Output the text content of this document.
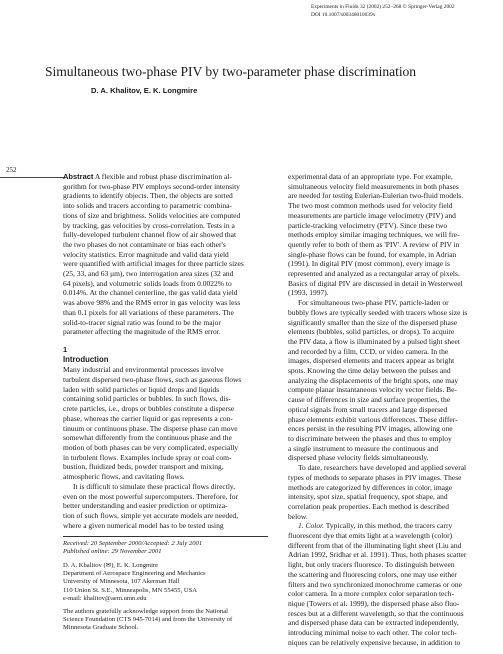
Experiments in Fluids 32 (2002) 252–268 © Springer-Verlag 2002
DOI 10.1007/s00348010039x
Simultaneous two-phase PIV by two-parameter phase discrimination
D. A. Khalitov, E. K. Longmire
252
Abstract A flexible and robust phase discrimination al-
gorithm for two-phase PIV employs second-order intensity
gradients to identify objects. Then, the objects are sorted
into solids and tracers according to parametric combina-
tions of size and brightness. Solids velocities are computed
by tracking, gas velocities by cross-correlation. Tests in a
fully-developed turbulent channel flow of air showed that
the two phases do not contaminate or bias each other's
velocity statistics. Error magnitude and valid data yield
were quantified with artificial images for three particle sizes
(25, 33, and 63 μm), two interrogation area sizes (32 and
64 pixels), and volumetric solids loads from 0.0022% to
0.014%. At the channel centerline, the gas valid data yield
was above 98% and the RMS error in gas velocity was less
than 0.1 pixels for all variations of these parameters. The
solid-to-tracer signal ratio was found to be the major
parameter affecting the magnitude of the RMS error.
1
Introduction
Many industrial and environmental processes involve
turbulent dispersed two-phase flows, such as gaseous flows
laden with solid particles or liquid drops and liquids
containing solid particles or bubbles. In such flows, dis-
crete particles, i.e., drops or bubbles constitute a disperse
phase, whereas the carrier liquid or gas represents a con-
tinuum or continuous phase. The disperse phase can move
somewhat differently from the continuous phase and the
motion of both phases can be very complicated, especially
in turbulent flows. Examples include spray or coal com-
bustion, fluidized beds, powder transport and mixing,
atmospheric flows, and cavitating flows.
It is difficult to simulate these practical flows directly,
even on the most powerful supercomputers. Therefore, for
better understanding and easier prediction or optimiza-
tion of such flows, simple yet accurate models are needed,
where a given numerical model has to be tested using
Received: 20 September 2000/Accepted: 2 July 2001
Published online: 29 November 2001
D. A. Khalitov (✉), E. K. Longmire
Department of Aerospace Engineering and Mechanics
University of Minnesota, 107 Akerman Hall
110 Union St. S.E., Minneapolis, MN 55455, USA
e-mail: khalitov@aem.umn.edu
The authors gratefully acknowledge support from the National
Science Foundation (CTS 945-7014) and from the University of
Minnesota Graduate School.
experimental data of an appropriate type. For example,
simultaneous velocity field measurements in both phases
are needed for testing Eulerian-Eulerian two-fluid models.
The two most common methods used for velocity field
measurements are particle image velocimetry (PIV) and
particle-tracking velocimetry (PTV). Since these two
methods employ similar imaging techniques, we will fre-
quently refer to both of them as 'PIV'. A review of PIV in
single-phase flows can be found, for example, in Adrian
(1991). In digital PIV (most common), every image is
represented and analyzed as a rectangular array of pixels.
Basics of digital PIV are discussed in detail in Westerweel
(1993, 1997).
For simultaneous two-phase PIV, particle-laden or
bubbly flows are typically seeded with tracers whose size is
significantly smaller than the size of the dispersed phase
elements (bubbles, solid particles, or drops). To acquire
the PIV data, a flow is illuminated by a pulsed light sheet
and recorded by a film, CCD, or video camera. In the
images, dispersed elements and tracers appear as bright
spots. Knowing the time delay between the pulses and
analyzing the displacements of the bright spots, one may
compute planar instantaneous velocity vector fields. Be-
cause of differences in size and surface properties, the
optical signals from small tracers and large dispersed
phase elements exhibit various differences. These differ-
ences persist in the resulting PIV images, allowing one
to discriminate between the phases and thus to employ
a single instrument to measure the continuous and
dispersed phase velocity fields simultaneously.
To date, researchers have developed and applied several
types of methods to separate phases in PIV images. These
methods are categorized by differences in color, image
intensity, spot size, spatial frequency, spot shape, and
correlation peak properties. Each method is described
below.
1. Color. Typically, in this method, the tracers carry
fluorescent dye that emits light at a wavelength (color)
different from that of the illuminating light sheet (Liu and
Adrian 1992, Sridhar et al. 1991). Thus, both phases scatter
light, but only tracers fluoresce. To distinguish between
the scattering and fluorescing colors, one may use either
filters and two synchronized monochrome cameras or one
color camera. In a more complex color separation tech-
nique (Towers et al. 1999), the dispersed phase also fluo-
resces but at a different wavelength, so that the continuous
and dispersed phase data can be extracted independently,
introducing minimal noise to each other. The color tech-
niques can be relatively expensive because, in addition to
